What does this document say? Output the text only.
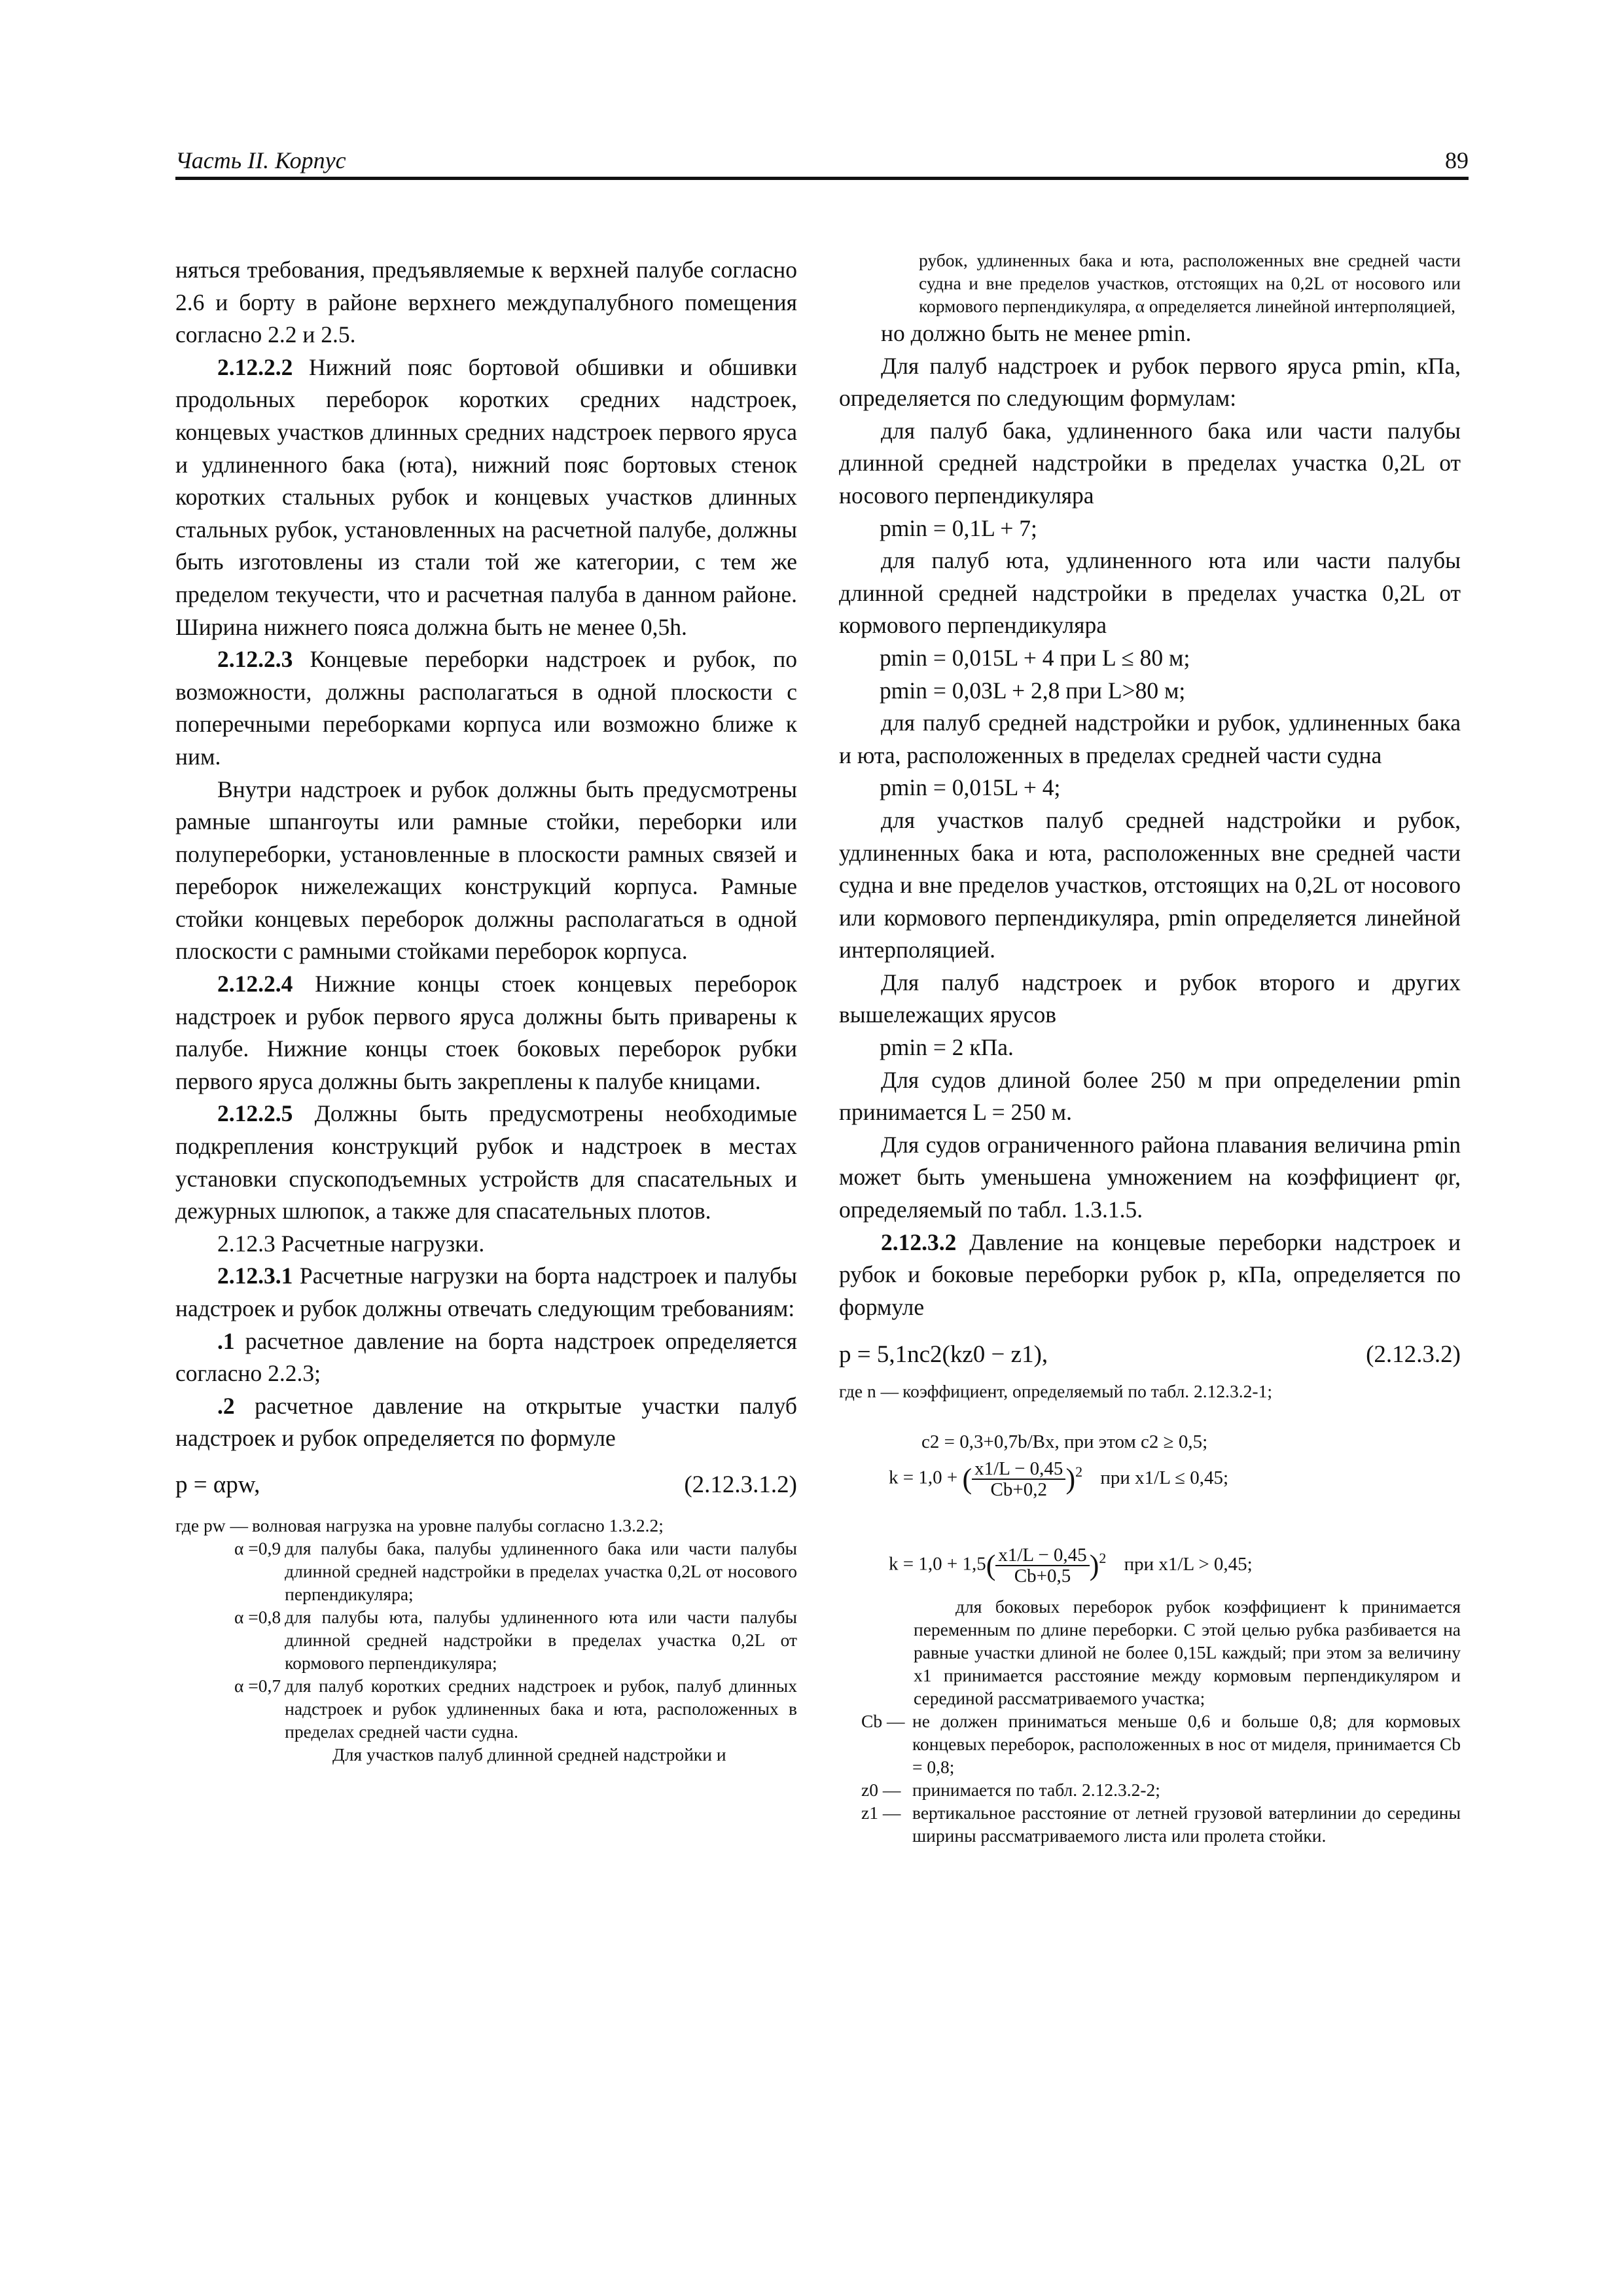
Часть II. Корпус	89

няться требования, предъявляемые к верхней палубе согласно 2.6 и борту в районе верхнего междупалубного помещения согласно 2.2 и 2.5.

2.12.2.2 Нижний пояс бортовой обшивки и обшивки продольных переборок коротких средних надстроек, концевых участков длинных средних надстроек первого яруса и удлиненного бака (юта), нижний пояс бортовых стенок коротких стальных рубок и концевых участков длинных стальных рубок, установленных на расчетной палубе, должны быть изготовлены из стали той же категории, с тем же пределом текучести, что и расчетная палуба в данном районе. Ширина нижнего пояса должна быть не менее 0,5h.

2.12.2.3 Концевые переборки надстроек и рубок, по возможности, должны располагаться в одной плоскости с поперечными переборками корпуса или возможно ближе к ним.

Внутри надстроек и рубок должны быть предусмотрены рамные шпангоуты или рамные стойки, переборки или полупереборки, установленные в плоскости рамных связей и переборок нижележащих конструкций корпуса. Рамные стойки концевых переборок должны располагаться в одной плоскости с рамными стойками переборок корпуса.

2.12.2.4 Нижние концы стоек концевых переборок надстроек и рубок первого яруса должны быть приварены к палубе. Нижние концы стоек боковых переборок рубки первого яруса должны быть закреплены к палубе кницами.

2.12.2.5 Должны быть предусмотрены необходимые подкрепления конструкций рубок и надстроек в местах установки спускоподъемных устройств для спасательных и дежурных шлюпок, а также для спасательных плотов.

2.12.3 Расчетные нагрузки.

2.12.3.1 Расчетные нагрузки на борта надстроек и палубы надстроек и рубок должны отвечать следующим требованиям:

.1 расчетное давление на борта надстроек определяется согласно 2.2.3;

.2 расчетное давление на открытые участки палуб надстроек и рубок определяется по формуле

p = αpw,	(2.12.3.1.2)
где pw — волновая нагрузка на уровне палубы согласно 1.3.2.2;
α =0,9 для палубы бака, палубы удлиненного бака или части палубы длинной средней надстройки в пределах участка 0,2L от носового перпендикуляра;
α =0,8 для палубы юта, палубы удлиненного юта или части палубы длинной средней надстройки в пределах участка 0,2L от кормового перпендикуляра;
α =0,7 для палуб коротких средних надстроек и рубок, палуб длинных надстроек и рубок удлиненных бака и юта, расположенных в пределах средней части судна.

Для участков палуб длинной средней надстройки и

рубок, удлиненных бака и юта, расположенных вне средней части судна и вне пределов участков, отстоящих на 0,2L от носового или кормового перпендикуляра, α определяется линейной интерполяцией,

но должно быть не менее pmin.

Для палуб надстроек и рубок первого яруса pmin, кПа, определяется по следующим формулам:

для палуб бака, удлиненного бака или части палубы длинной средней надстройки в пределах участка 0,2L от носового перпендикуляра

pmin = 0,1L + 7;

для палуб юта, удлиненного юта или части палубы длинной средней надстройки в пределах участка 0,2L от кормового перпендикуляра

pmin = 0,015L + 4 при L ≤ 80 м;

pmin = 0,03L + 2,8 при L>80 м;

для палуб средней надстройки и рубок, удлиненных бака и юта, расположенных в пределах средней части судна

pmin = 0,015L + 4;

для участков палуб средней надстройки и рубок, удлиненных бака и юта, расположенных вне средней части судна и вне пределов участков, отстоящих на 0,2L от носового или кормового перпендикуляра, pmin определяется линейной интерполяцией.

Для палуб надстроек и рубок второго и других вышележащих ярусов

pmin = 2 кПа.

Для судов длиной более 250 м при определении pmin принимается L = 250 м.

Для судов ограниченного района плавания величина pmin может быть уменьшена умножением на коэффициент φr, определяемый по табл. 1.3.1.5.

2.12.3.2 Давление на концевые переборки надстроек и рубок и боковые переборки рубок p, кПа, определяется по формуле

p = 5,1nc2(kz0 − z1),	(2.12.3.2)
где n — коэффициент, определяемый по табл. 2.12.3.2-1;

c2 = 0,3+0,7b/Bx, при этом c2 ≥ 0,5;

k = 1,0 + ( $\frac{x1/L - 0,45}{Cb+0,2} )^2$ при x1/L ≤ 0,45;
$k = 1,0 + 1,5( \frac{x1/L - 0,45}{Cb+0,5} )^2$ при x1/L > 0,45;

для боковых переборок рубок коэффициент k принимается переменным по длине переборки. С этой целью рубка разбивается на равные участки длиной не более 0,15L каждый; при этом за величину x1 принимается расстояние между кормовым перпендикуляром и серединой рассматриваемого участка;

Cb — не должен приниматься меньше 0,6 и больше 0,8; для кормовых концевых переборок, расположенных в нос от миделя, принимается Cb = 0,8;
z0 — принимается по табл. 2.12.3.2-2;
z1 — вертикальное расстояние от летней грузовой ватерлинии до середины ширины рассматриваемого листа или пролета стойки.
